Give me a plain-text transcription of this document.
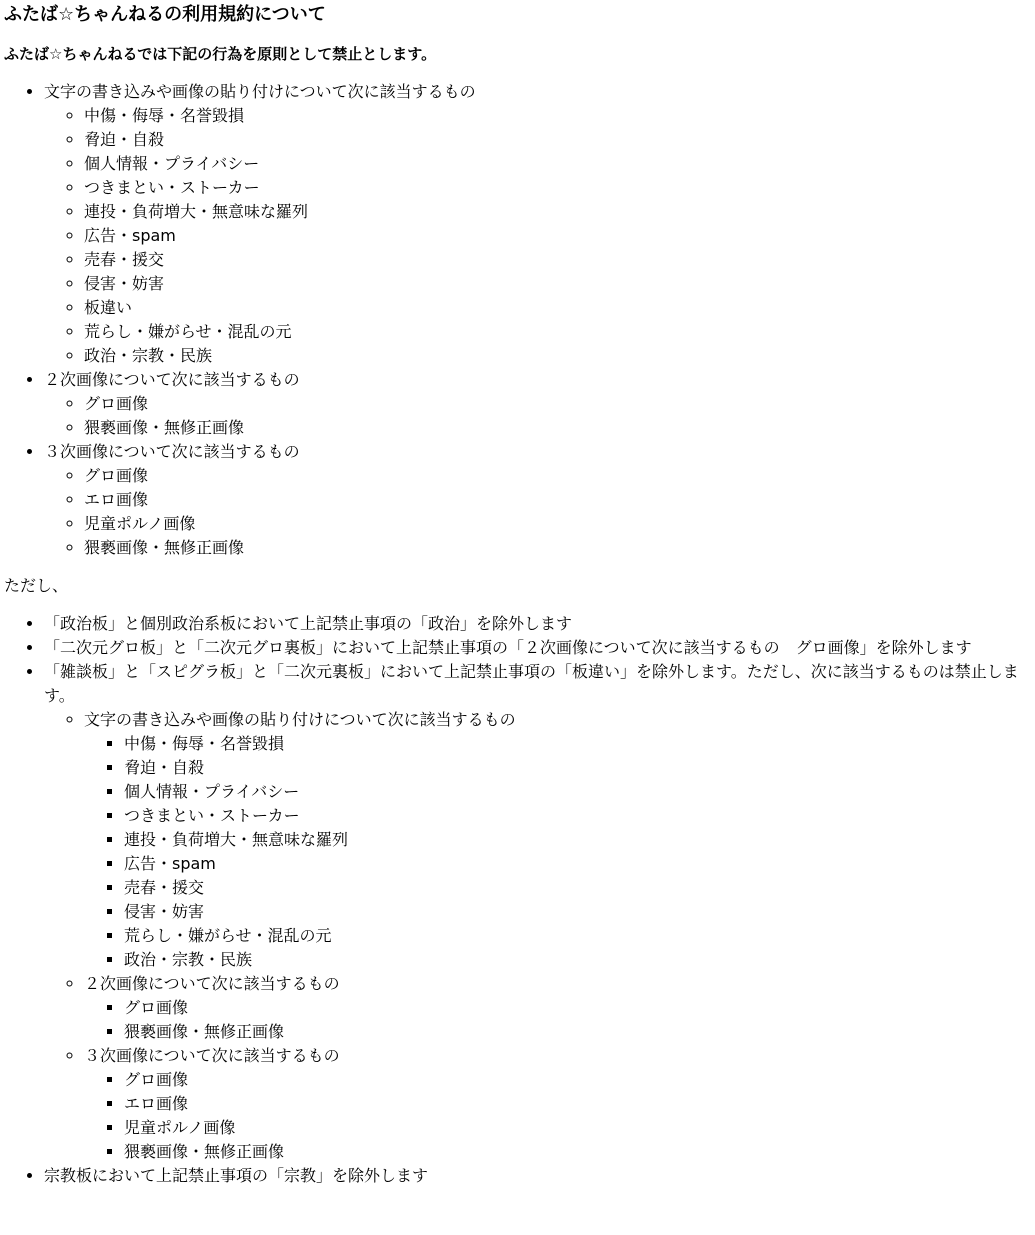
ふたば☆ちゃんねるの利用規約について
ふたば☆ちゃんねるでは下記の行為を原則として禁止とします。
• 文字の書き込みや画像の貼り付けについて次に該当するもの
◦ 中傷・侮辱・名誉毀損
◦ 脅迫・自殺
◦ 個人情報・プライバシー
◦ つきまとい・ストーカー
◦ 連投・負荷増大・無意味な羅列
◦ 広告・spam
◦ 売春・援交
◦ 侵害・妨害
◦ 板違い
◦ 荒らし・嫌がらせ・混乱の元
◦ 政治・宗教・民族
• ２次画像について次に該当するもの
◦ グロ画像
◦ 猥褻画像・無修正画像
• ３次画像について次に該当するもの
◦ グロ画像
◦ エロ画像
◦ 児童ポルノ画像
◦ 猥褻画像・無修正画像
ただし、
• 「政治板」と個別政治系板において上記禁止事項の「政治」を除外します
• 「二次元グロ板」と「二次元グロ裏板」において上記禁止事項の「２次画像について次に該当するもの　グロ画像」を除外します
• 「雑談板」と「スピグラ板」と「二次元裏板」において上記禁止事項の「板違い」を除外します。ただし、次に該当するものは禁止します。
◦ 文字の書き込みや画像の貼り付けについて次に該当するもの
▪ 中傷・侮辱・名誉毀損
▪ 脅迫・自殺
▪ 個人情報・プライバシー
▪ つきまとい・ストーカー
▪ 連投・負荷増大・無意味な羅列
▪ 広告・spam
▪ 売春・援交
▪ 侵害・妨害
▪ 荒らし・嫌がらせ・混乱の元
▪ 政治・宗教・民族
◦ ２次画像について次に該当するもの
▪ グロ画像
▪ 猥褻画像・無修正画像
◦ ３次画像について次に該当するもの
▪ グロ画像
▪ エロ画像
▪ 児童ポルノ画像
▪ 猥褻画像・無修正画像
• 宗教板において上記禁止事項の「宗教」を除外します
